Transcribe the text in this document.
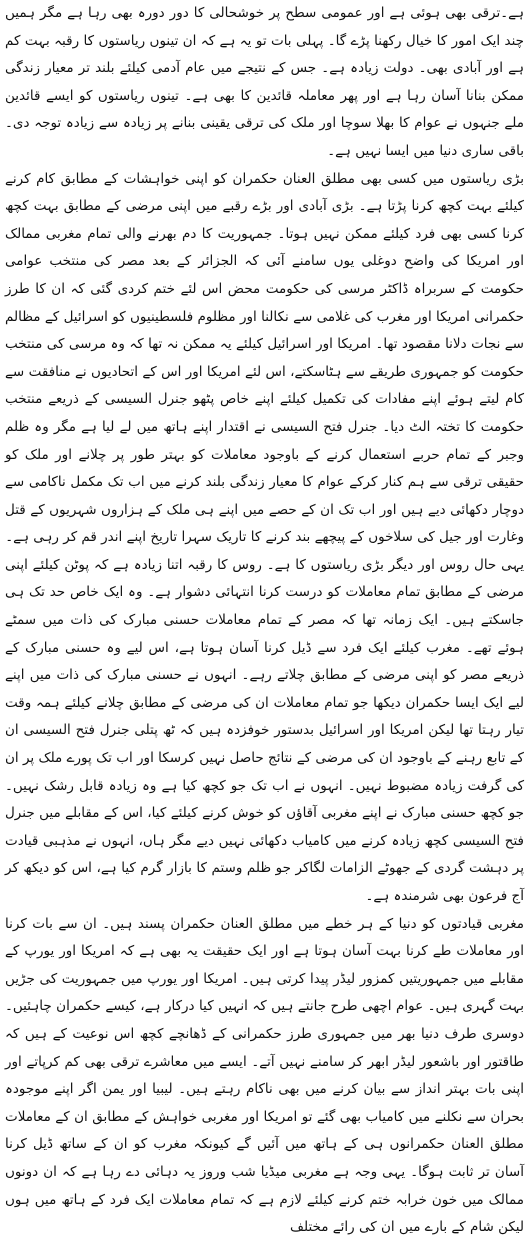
ہے۔ترقی بھی ہوئی ہے اور عمومی سطح پر خوشحالی کا دور دورہ بھی رہا ہے مگر ہمیں چند ایک امور کا خیال رکھنا پڑے گا۔ پہلی بات تو یہ ہے کہ ان تینوں ریاستوں کا رقبہ بہت کم ہے اور آبادی بھی۔ دولت زیادہ ہے۔ جس کے نتیجے میں عام آدمی کیلئے بلند تر معیار زندگی ممکن بنانا آسان رہا ہے اور پھر معاملہ قائدین کا بھی ہے۔ تینوں ریاستوں کو ایسے قائدین ملے جنہوں نے عوام کا بھلا سوچا اور ملک کی ترقی یقینی بنانے پر زیادہ سے زیادہ توجہ دی۔ باقی ساری دنیا میں ایسا نہیں ہے۔

بڑی ریاستوں میں کسی بھی مطلق العنان حکمران کو اپنی خواہشات کے مطابق کام کرنے کیلئے بہت کچھ کرنا پڑتا ہے۔ بڑی آبادی اور بڑے رقبے میں اپنی مرضی کے مطابق بہت کچھ کرنا کسی بھی فرد کیلئے ممکن نہیں ہوتا۔ جمہوریت کا دم بھرنے والی تمام مغربی ممالک اور امریکا کی واضح دوغلی یوں سامنے آئی کہ الجزائر کے بعد مصر کی منتخب عوامی حکومت کے سربراہ ڈاکٹر مرسی کی حکومت محض اس لئے ختم کردی گئی کہ ان کا طرز حکمرانی امریکا اور مغرب کی غلامی سے نکالنا اور مظلوم فلسطینیوں کو اسرائیل کے مظالم سے نجات دلانا مقصود تھا۔ امریکا اور اسرائیل کیلئے یہ ممکن نہ تھا کہ وہ مرسی کی منتخب حکومت کو جمہوری طریقے سے ہٹاسکتے، اس لئے امریکا اور اس کے اتحادیوں نے منافقت سے کام لیتے ہوئے اپنے مفادات کی تکمیل کیلئے اپنے خاص پٹھو جنرل السیسی کے ذریعے منتخب حکومت کا تختہ الٹ دیا۔ جنرل فتح السیسی نے اقتدار اپنے ہاتھ میں لے لیا ہے مگر وہ ظلم وجبر کے تمام حربے استعمال کرنے کے باوجود معاملات کو بہتر طور پر چلانے اور ملک کو حقیقی ترقی سے ہم کنار کرکے عوام کا معیار زندگی بلند کرنے میں اب تک مکمل ناکامی سے دوچار دکھائی دیے ہیں اور اب تک ان کے حصے میں اپنے ہی ملک کے ہزاروں شہریوں کے قتل وغارت اور جیل کی سلاخوں کے پیچھے بند کرنے کا تاریک سہرا تاریخ اپنے اندر قم کر رہی ہے۔

یہی حال روس اور دیگر بڑی ریاستوں کا ہے۔ روس کا رقبہ اتنا زیادہ ہے کہ پوٹن کیلئے اپنی مرضی کے مطابق تمام معاملات کو درست کرنا انتہائی دشوار ہے۔ وہ ایک خاص حد تک ہی جاسکتے ہیں۔ ایک زمانہ تھا کہ مصر کے تمام معاملات حسنی مبارک کی ذات میں سمٹے ہوئے تھے۔ مغرب کیلئے ایک فرد سے ڈیل کرنا آسان ہوتا ہے، اس لیے وہ حسنی مبارک کے ذریعے مصر کو اپنی مرضی کے مطابق چلاتے رہے۔ انہوں نے حسنی مبارک کی ذات میں اپنے لیے ایک ایسا حکمران دیکھا جو تمام معاملات ان کی مرضی کے مطابق چلانے کیلئے ہمہ وقت تیار رہتا تھا لیکن امریکا اور اسرائیل بدستور خوفزدہ ہیں کہ ٹھ پتلی جنرل فتح السیسی ان کے تابع رہنے کے باوجود ان کی مرضی کے نتائج حاصل نہیں کرسکا اور اب تک پورے ملک پر ان کی گرفت زیادہ مضبوط نہیں۔ انہوں نے اب تک جو کچھ کیا ہے وہ زیادہ قابل رشک نہیں۔ جو کچھ حسنی مبارک نے اپنے مغربی آقاؤں کو خوش کرنے کیلئے کیا، اس کے مقابلے میں جنرل فتح السیسی کچھ زیادہ کرنے میں کامیاب دکھائی نہیں دیے مگر ہاں، انہوں نے مذہبی قیادت پر دہشت گردی کے جھوٹے الزامات لگاکر جو ظلم وستم کا بازار گرم کیا ہے، اس کو دیکھ کر آج فرعون بھی شرمندہ ہے۔

مغربی قیادتوں کو دنیا کے ہر خطے میں مطلق العنان حکمران پسند ہیں۔ ان سے بات کرنا اور معاملات طے کرنا بہت آسان ہوتا ہے اور ایک حقیقت یہ بھی ہے کہ امریکا اور یورپ کے مقابلے میں جمہوریتیں کمزور لیڈر پیدا کرتی ہیں۔ امریکا اور یورپ میں جمہوریت کی جڑیں بہت گہری ہیں۔ عوام اچھی طرح جانتے ہیں کہ انہیں کیا درکار ہے، کیسے حکمران چاہئیں۔ دوسری طرف دنیا بھر میں جمہوری طرز حکمرانی کے ڈھانچے کچھ اس نوعیت کے ہیں کہ طاقتور اور باشعور لیڈر ابھر کر سامنے نہیں آتے۔ ایسے میں معاشرے ترقی بھی کم کرپاتے اور اپنی بات بہتر انداز سے بیان کرنے میں بھی ناکام رہتے ہیں۔ لیبیا اور یمن اگر اپنے موجودہ بحران سے نکلنے میں کامیاب بھی گئے تو امریکا اور مغربی خواہش کے مطابق ان کے معاملات مطلق العنان حکمرانوں ہی کے ہاتھ میں آئیں گے کیونکہ مغرب کو ان کے ساتھ ڈیل کرنا آسان تر ثابت ہوگا۔ یہی وجہ ہے مغربی میڈیا شب وروز یہ دہائی دے رہا ہے کہ ان دونوں ممالک میں خون خرابہ ختم کرنے کیلئے لازم ہے کہ تمام معاملات ایک فرد کے ہاتھ میں ہوں لیکن شام کے بارے میں ان کی رائے مختلف
